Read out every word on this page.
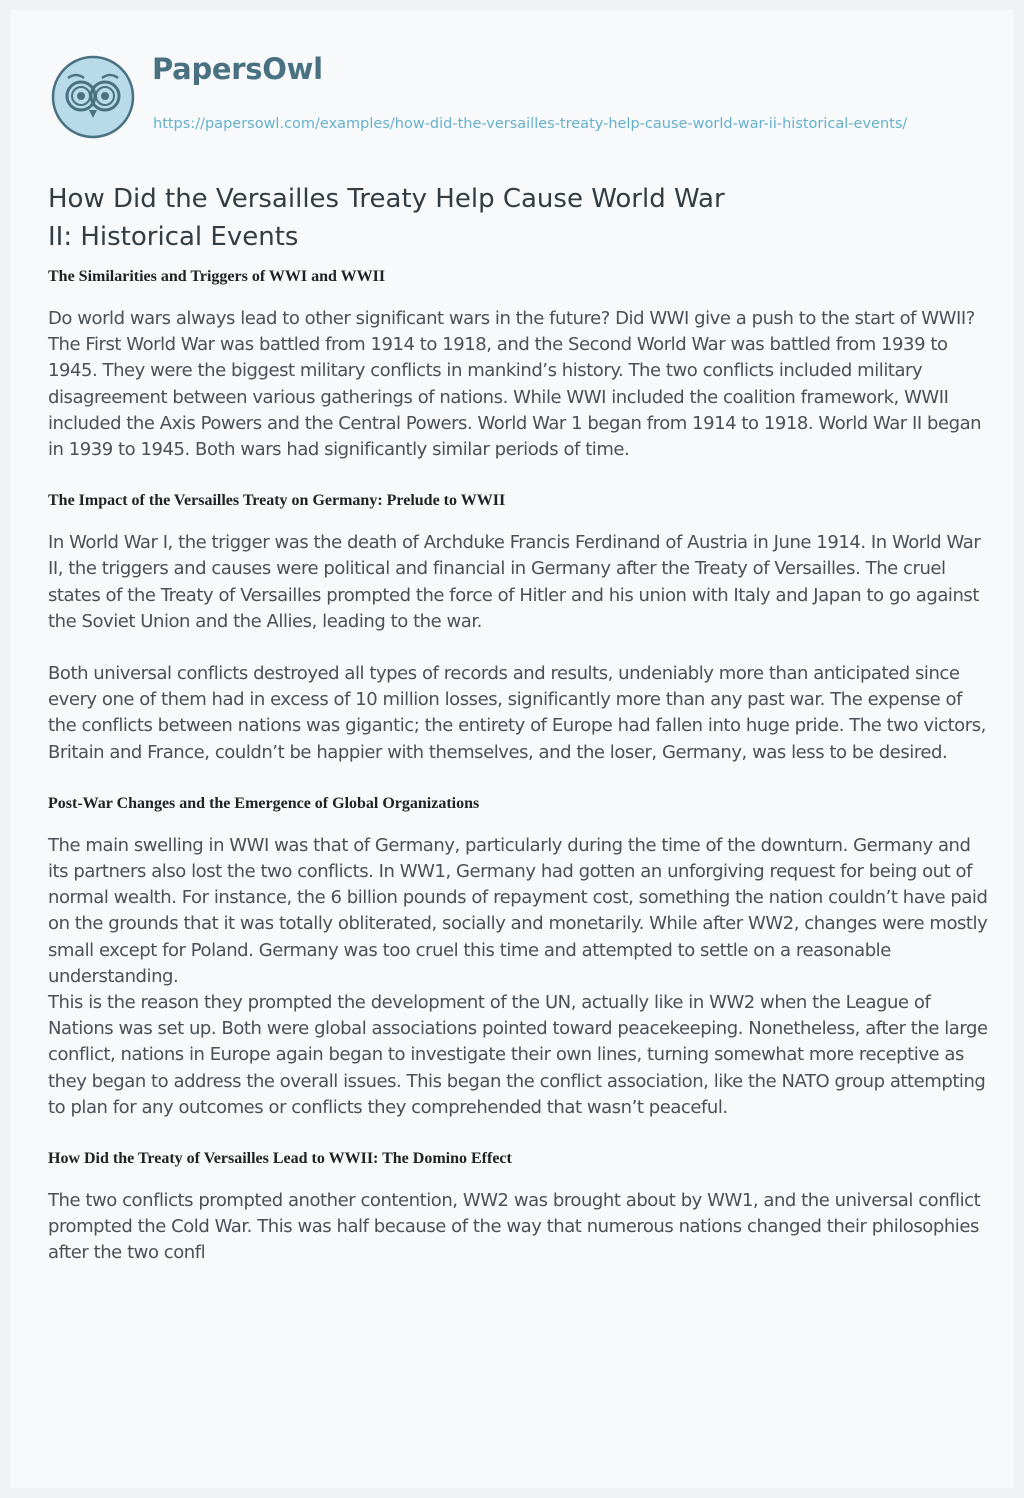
PapersOwl
https://papersowl.com/examples/how-did-the-versailles-treaty-help-cause-world-war-ii-historical-events/
How Did the Versailles Treaty Help Cause World War II: Historical Events
The Similarities and Triggers of WWI and WWII

Do world wars always lead to other significant wars in the future? Did WWI give a push to the start of WWII? The First World War was battled from 1914 to 1918, and the Second World War was battled from 1939 to 1945. They were the biggest military conflicts in mankind’s history. The two conflicts included military disagreement between various gatherings of nations. While WWI included the coalition framework, WWII included the Axis Powers and the Central Powers. World War 1 began from 1914 to 1918. World War II began in 1939 to 1945. Both wars had significantly similar periods of time.

The Impact of the Versailles Treaty on Germany: Prelude to WWII

In World War I, the trigger was the death of Archduke Francis Ferdinand of Austria in June 1914. In World War II, the triggers and causes were political and financial in Germany after the Treaty of Versailles. The cruel states of the Treaty of Versailles prompted the force of Hitler and his union with Italy and Japan to go against the Soviet Union and the Allies, leading to the war.

Both universal conflicts destroyed all types of records and results, undeniably more than anticipated since every one of them had in excess of 10 million losses, significantly more than any past war. The expense of the conflicts between nations was gigantic; the entirety of Europe had fallen into huge pride. The two victors, Britain and France, couldn’t be happier with themselves, and the loser, Germany, was less to be desired.

Post-War Changes and the Emergence of Global Organizations

The main swelling in WWI was that of Germany, particularly during the time of the downturn. Germany and its partners also lost the two conflicts. In WW1, Germany had gotten an unforgiving request for being out of normal wealth. For instance, the 6 billion pounds of repayment cost, something the nation couldn’t have paid on the grounds that it was totally obliterated, socially and monetarily. While after WW2, changes were mostly small except for Poland. Germany was too cruel this time and attempted to settle on a reasonable understanding.

This is the reason they prompted the development of the UN, actually like in WW2 when the League of Nations was set up. Both were global associations pointed toward peacekeeping. Nonetheless, after the large conflict, nations in Europe again began to investigate their own lines, turning somewhat more receptive as they began to address the overall issues. This began the conflict association, like the NATO group attempting to plan for any outcomes or conflicts they comprehended that wasn’t peaceful.

How Did the Treaty of Versailles Lead to WWII: The Domino Effect

The two conflicts prompted another contention, WW2 was brought about by WW1, and the universal conflict prompted the Cold War. This was half because of the way that numerous nations changed their philosophies after the two confl
